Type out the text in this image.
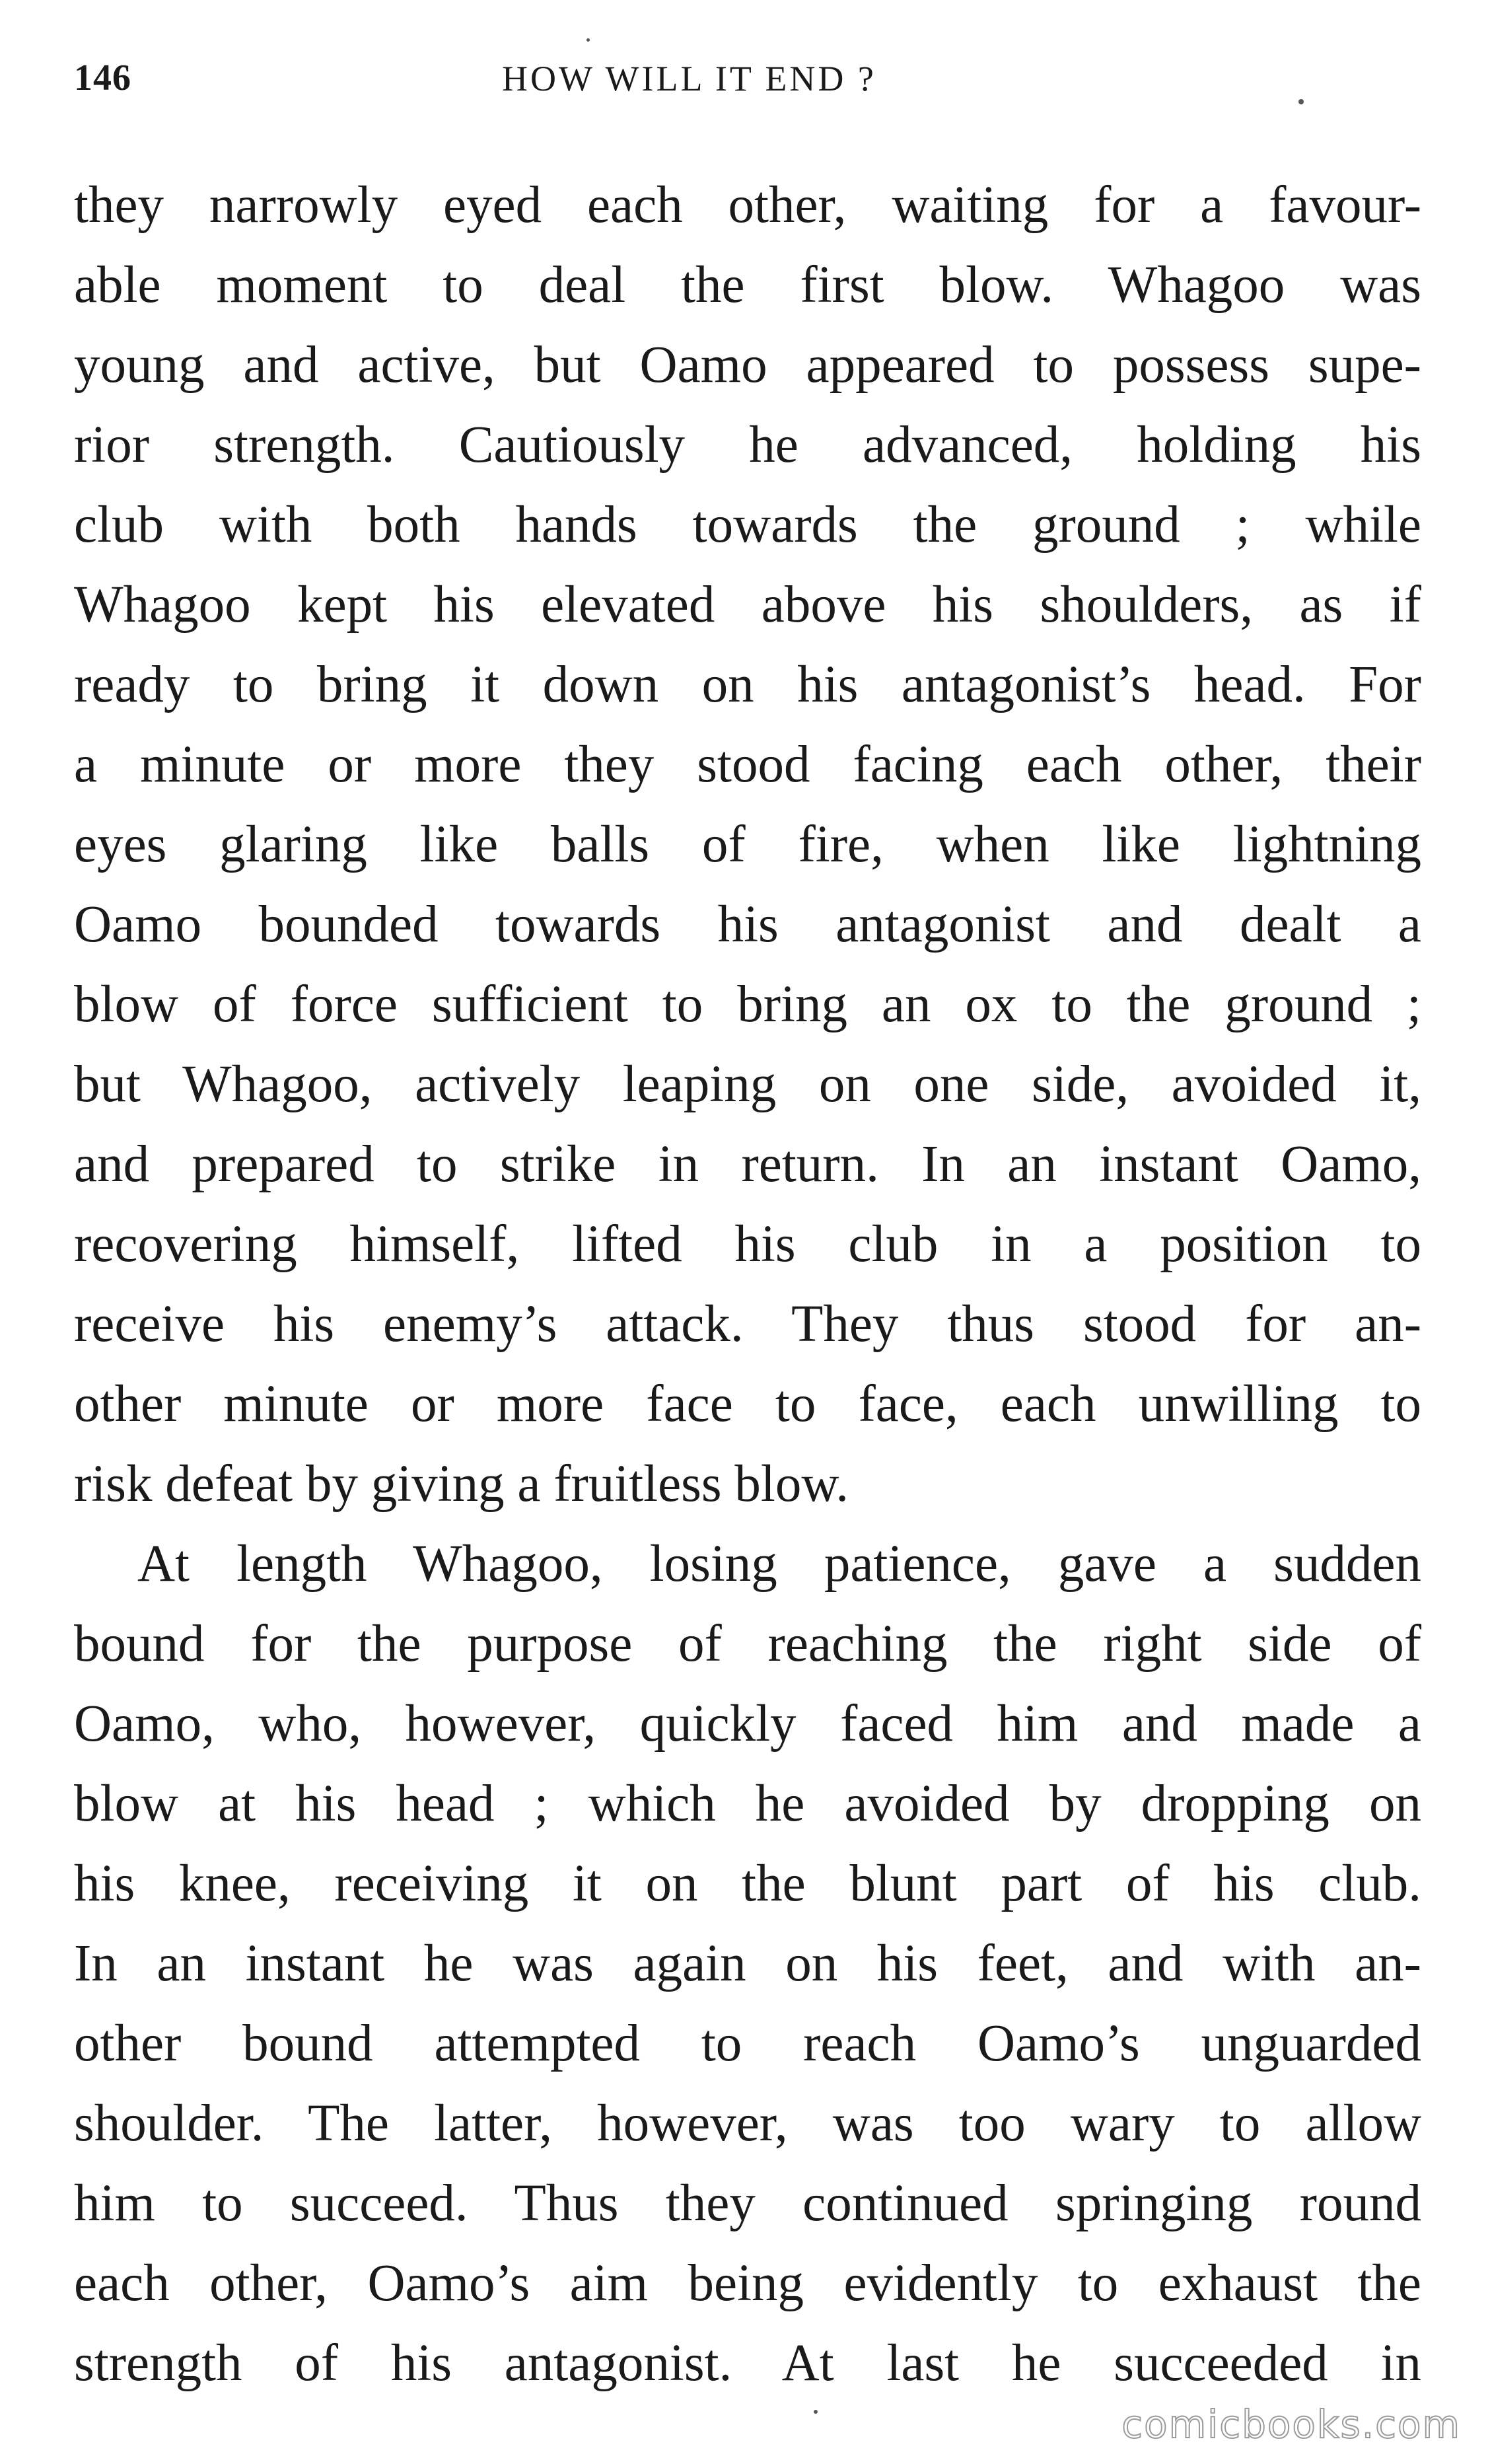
146	HOW WILL IT END ?
they narrowly eyed each other, waiting for a favour-
able moment to deal the first blow. Whagoo was
young and active, but Oamo appeared to possess supe-
rior strength. Cautiously he advanced, holding his
club with both hands towards the ground ; while
Whagoo kept his elevated above his shoulders, as if
ready to bring it down on his antagonist’s head. For
a minute or more they stood facing each other, their
eyes glaring like balls of fire, when like lightning
Oamo bounded towards his antagonist and dealt a
blow of force sufficient to bring an ox to the ground ;
but Whagoo, actively leaping on one side, avoided it,
and prepared to strike in return. In an instant Oamo,
recovering himself, lifted his club in a position to
receive his enemy’s attack. They thus stood for an-
other minute or more face to face, each unwilling to
risk defeat by giving a fruitless blow.
At length Whagoo, losing patience, gave a sudden
bound for the purpose of reaching the right side of
Oamo, who, however, quickly faced him and made a
blow at his head ; which he avoided by dropping on
his knee, receiving it on the blunt part of his club.
In an instant he was again on his feet, and with an-
other bound attempted to reach Oamo’s unguarded
shoulder. The latter, however, was too wary to allow
him to succeed. Thus they continued springing round
each other, Oamo’s aim being evidently to exhaust the
strength of his antagonist. At last he succeeded in
comicbooks.com
